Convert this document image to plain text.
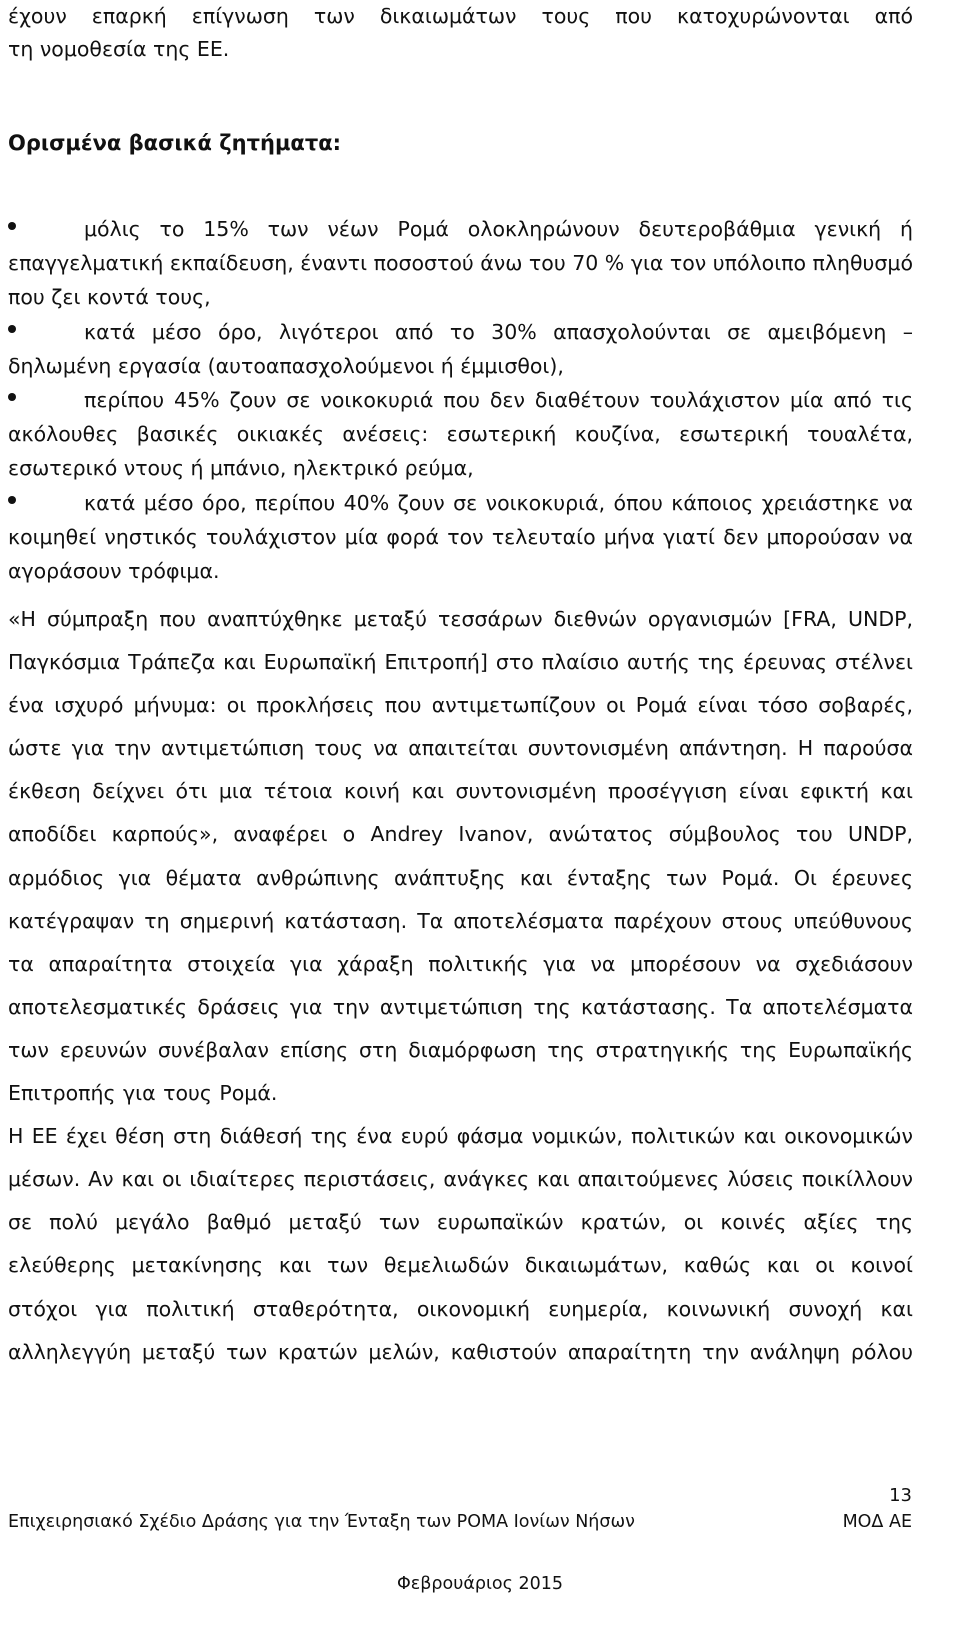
έχουν επαρκή επίγνωση των δικαιωμάτων τους που κατοχυρώνονται από
τη νομοθεσία της ΕΕ.
Ορισμένα βασικά ζητήματα:
μόλις το 15% των νέων Ρομά ολοκληρώνουν δευτεροβάθμια γενική ή επαγγελματική εκπαίδευση, έναντι ποσοστού άνω του 70 % για τον υπόλοιπο πληθυσμό που ζει κοντά τους,
κατά μέσο όρο, λιγότεροι από το 30% απασχολούνται σε αμειβόμενη – δηλωμένη εργασία (αυτοαπασχολούμενοι ή έμμισθοι),
περίπου 45% ζουν σε νοικοκυριά που δεν διαθέτουν τουλάχιστον μία από τις ακόλουθες βασικές οικιακές ανέσεις: εσωτερική κουζίνα, εσωτερική τουαλέτα, εσωτερικό ντους ή μπάνιο, ηλεκτρικό ρεύμα,
κατά μέσο όρο, περίπου 40% ζουν σε νοικοκυριά, όπου κάποιος χρειάστηκε να κοιμηθεί νηστικός τουλάχιστον μία φορά τον τελευταίο μήνα γιατί δεν μπορούσαν να αγοράσουν τρόφιμα.

«Η σύμπραξη που αναπτύχθηκε μεταξύ τεσσάρων διεθνών οργανισμών [FRA, UNDP, Παγκόσμια Τράπεζα και Ευρωπαϊκή Επιτροπή] στο πλαίσιο αυτής της έρευνας στέλνει ένα ισχυρό μήνυμα: οι προκλήσεις που αντιμετωπίζουν οι Ρομά είναι τόσο σοβαρές, ώστε για την αντιμετώπιση τους να απαιτείται συντονισμένη απάντηση. Η παρούσα έκθεση δείχνει ότι μια τέτοια κοινή και συντονισμένη προσέγγιση είναι εφικτή και αποδίδει καρπούς», αναφέρει ο Andrey Ivanov, ανώτατος σύμβουλος του UNDP, αρμόδιος για θέματα ανθρώπινης ανάπτυξης και ένταξης των Ρομά. Οι έρευνες κατέγραψαν τη σημερινή κατάσταση. Τα αποτελέσματα παρέχουν στους υπεύθυνους τα απαραίτητα στοιχεία για χάραξη πολιτικής για να μπορέσουν να σχεδιάσουν αποτελεσματικές δράσεις για την αντιμετώπιση της κατάστασης. Τα αποτελέσματα των ερευνών συνέβαλαν επίσης στη διαμόρφωση της στρατηγικής της Ευρωπαϊκής Επιτροπής για τους Ρομά.

Η ΕΕ έχει θέση στη διάθεσή της ένα ευρύ φάσμα νομικών, πολιτικών και οικονομικών μέσων. Αν και οι ιδιαίτερες περιστάσεις, ανάγκες και απαιτούμενες λύσεις ποικίλλουν σε πολύ μεγάλο βαθμό μεταξύ των ευρωπαϊκών κρατών, οι κοινές αξίες της ελεύθερης μετακίνησης και των θεμελιωδών δικαιωμάτων, καθώς και οι κοινοί στόχοι για πολιτική σταθερότητα, οικονομική ευημερία, κοινωνική συνοχή και αλληλεγγύη μεταξύ των κρατών μελών, καθιστούν απαραίτητη την ανάληψη ρόλου

13
Επιχειρησιακό Σχέδιο Δράσης για την Ένταξη των ΡΟΜΑ Ιονίων Νήσων	ΜΟΔ ΑΕ
Φεβρουάριος 2015
